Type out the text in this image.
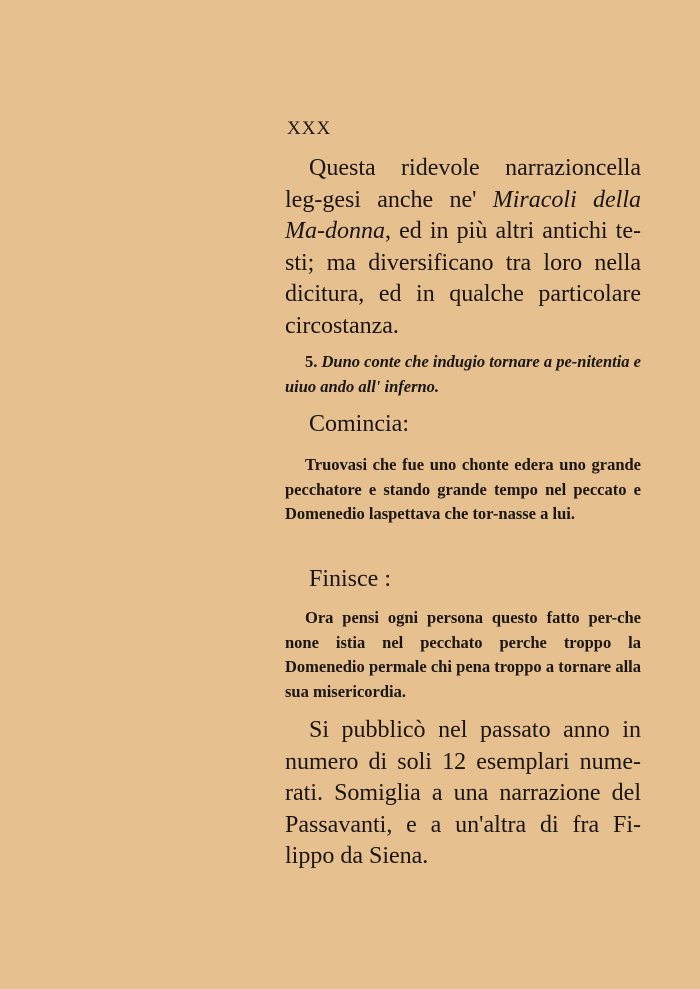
XXX

Questa ridevole narrazioncella leg-gesi anche ne' Miracoli della Ma-donna, ed in più altri antichi te-sti; ma diversificano tra loro nella dicitura, ed in qualche particolare circostanza.

5. Duno conte che indugio tornare a pe-nitentia e uiuo ando all' inferno.

Comincia:

Truovasi che fue uno chonte edera uno grande pecchatore e stando grande tempo nel peccato e Domenedio laspettava che tor-nasse a lui.

Finisce :

Ora pensi ogni persona questo fatto per-che none istia nel pecchato perche troppo la Domenedio permale chi pena troppo a tornare alla sua misericordia.

Si pubblicò nel passato anno in numero di soli 12 esemplari nume-rati. Somiglia a una narrazione del Passavanti, e a un'altra di fra Fi-lippo da Siena.
